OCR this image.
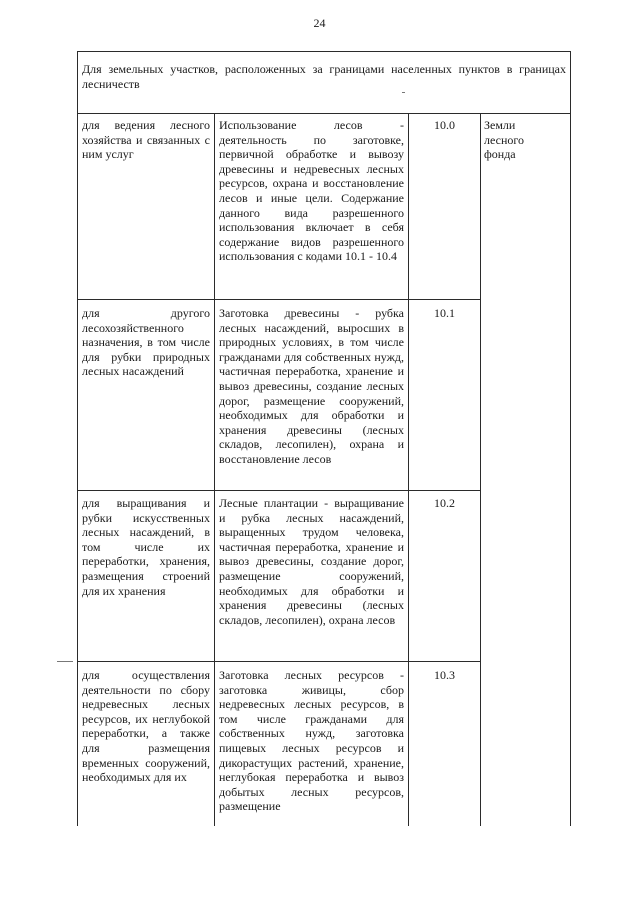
24
Для земельных участков, расположенных за границами населенных пунктов в границах лесничеств
Земли лесного фонда
для ведения лесного хозяйства и связанных с ним услуг
Использование лесов - деятельность по заготовке, первичной обработке и вывозу древесины и недревесных лесных ресурсов, охрана и восстановление лесов и иные цели. Содержание данного вида разрешенного использования включает в себя содержание видов разрешенного использования с кодами 10.1 - 10.4
10.0
для другого лесохозяйственного назначения, в том числе для рубки природных лесных насаждений
Заготовка древесины - рубка лесных насаждений, выросших в природных условиях, в том числе гражданами для собственных нужд, частичная переработка, хранение и вывоз древесины, создание лесных дорог, размещение сооружений, необходимых для обработки и хранения древесины (лесных складов, лесопилен), охрана и восстановление лесов
10.1
для выращивания и рубки искусственных лесных насаждений, в том числе их переработки, хранения, размещения строений для их хранения
Лесные плантации - выращивание и рубка лесных насаждений, выращенных трудом человека, частичная переработка, хранение и вывоз древесины, создание дорог, размещение сооружений, необходимых для обработки и хранения древесины (лесных складов, лесопилен), охрана лесов
10.2
для осуществления деятельности по сбору недревесных лесных ресурсов, их неглубокой переработки, а также для размещения временных сооружений, необходимых для их
Заготовка лесных ресурсов - заготовка живицы, сбор недревесных лесных ресурсов, в том числе гражданами для собственных нужд, заготовка пищевых лесных ресурсов и дикорастущих растений, хранение, неглубокая переработка и вывоз добытых лесных ресурсов, размещение
10.3
